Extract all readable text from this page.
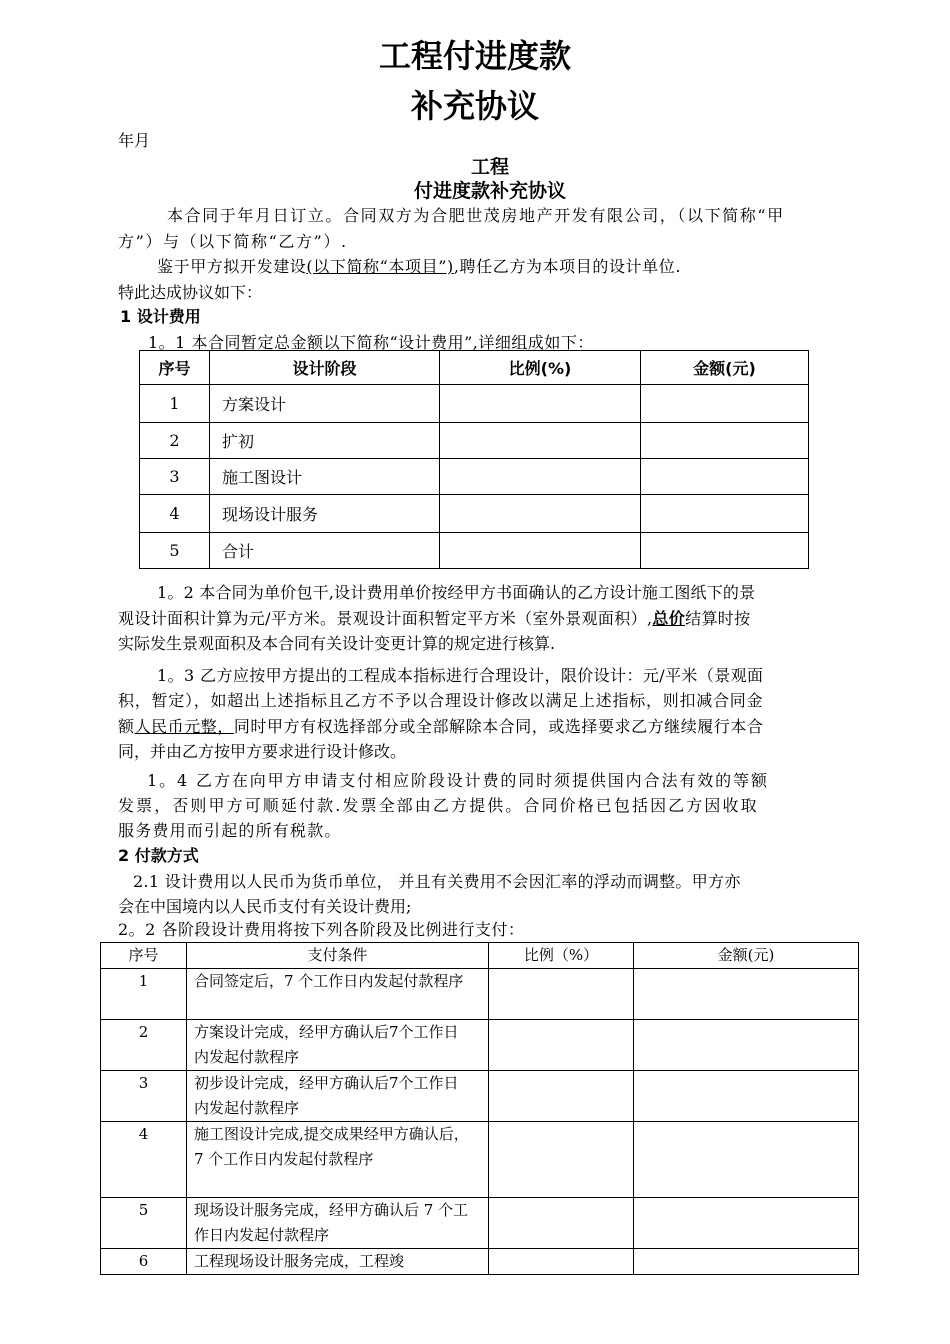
工程付进度款
补充协议
年月
工程
付进度款补充协议
本合同于年月日订立。合同双方为合肥世茂房地产开发有限公司，（以下简称“甲
方”）与（以下简称“乙方”）.
鉴于甲方拟开发建设(以下简称“本项目”),聘任乙方为本项目的设计单位.
特此达成协议如下：
1 设计费用
1。1 本合同暂定总金额以下简称“设计费用”,详细组成如下：
序号	设计阶段	比例(%)	金额(元)
1	方案设计		
2	扩初		
3	施工图设计		
4	现场设计服务		
5	合计		
1。2 本合同为单价包干,设计费用单价按经甲方书面确认的乙方设计施工图纸下的景
观设计面积计算为元/平方米。景观设计面积暂定平方米（室外景观面积）,总价结算时按
实际发生景观面积及本合同有关设计变更计算的规定进行核算.
1。3 乙方应按甲方提出的工程成本指标进行合理设计，限价设计：元/平米（景观面
积，暂定），如超出上述指标且乙方不予以合理设计修改以满足上述指标，则扣减合同金
额人民币元整，同时甲方有权选择部分或全部解除本合同，或选择要求乙方继续履行本合
同，并由乙方按甲方要求进行设计修改。
1。4 乙方在向甲方申请支付相应阶段设计费的同时须提供国内合法有效的等额
发票，否则甲方可顺延付款.发票全部由乙方提供。合同价格已包括因乙方因收取
服务费用而引起的所有税款。
2 付款方式
2.1 设计费用以人民币为货币单位， 并且有关费用不会因汇率的浮动而调整。甲方亦
会在中国境内以人民币支付有关设计费用;
2。2 各阶段设计费用将按下列各阶段及比例进行支付：
序号	支付条件	比例（%）	金额(元)
1	合同签定后，7 个工作日内发起付款程序		

2	方案设计完成，经甲方确认后7个工作日内发起付款程序		

3	初步设计完成，经甲方确认后7个工作日内发起付款程序		

4	施工图设计完成,提交成果经甲方确认后，7 个工作日内发起付款程序		

5	现场设计服务完成，经甲方确认后 7 个工作日内发起付款程序		

6	工程现场设计服务完成，工程竣		
